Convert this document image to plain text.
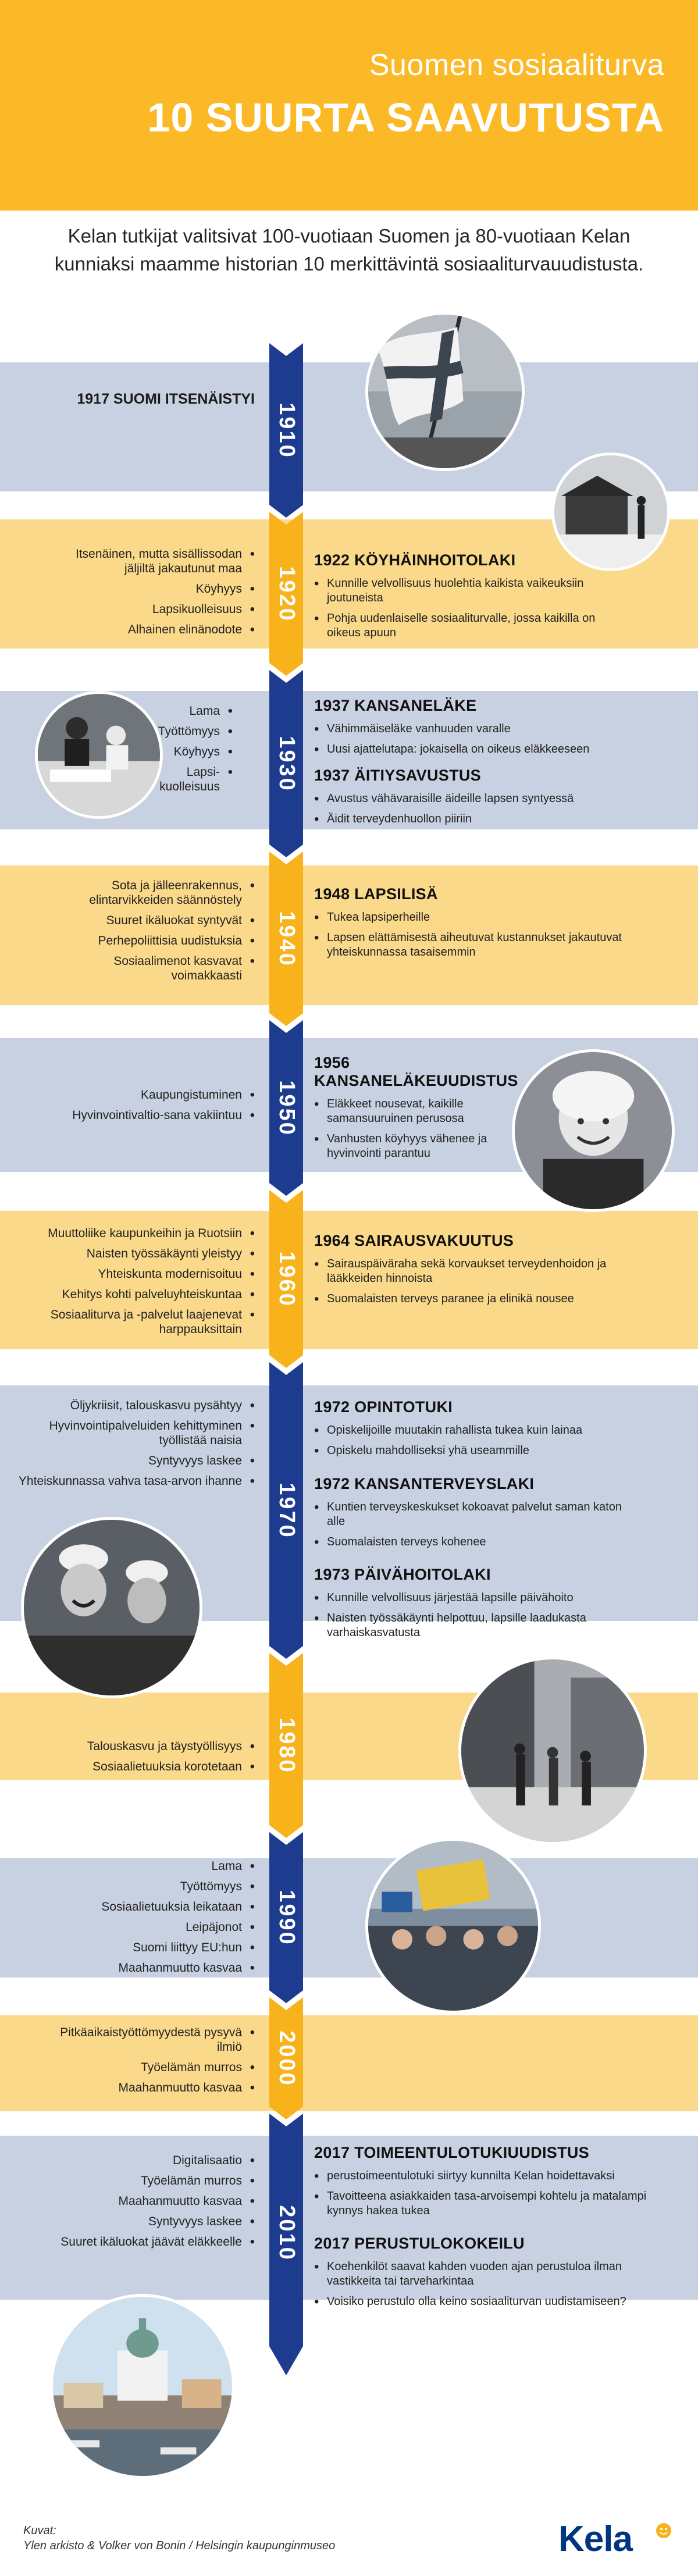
Suomen sosiaaliturva
10 SUURTA SAAVUTUSTA
Kelan tutkijat valitsivat 100-vuotiaan Suomen ja 80-vuotiaan Kelan kunniaksi maamme historian 10 merkittävintä sosiaaliturvauudistusta.
1910
1920
1930
1940
1950
1960
1970
1980
1990
2000
2010
1917 SUOMI ITSENÄISTYI
Itsenäinen, mutta sisällissodan jäljiltä jakautunut maa •
Köyhyys •
Lapsikuolleisuus •
Alhainen elinänodote •
1922 KÖYHÄINHOITOLAKI
• Kunnille velvollisuus huolehtia kaikista vaikeuksiin joutuneista
• Pohja uudenlaiselle sosiaaliturvalle, jossa kaikilla on oikeus apuun
Lama •
Työttömyys •
Köyhyys •
Lapsi-kuolleisuus •
1937 KANSANELÄKE
• Vähimmäiseläke vanhuuden varalle
• Uusi ajattelutapa: jokaisella on oikeus eläkkeeseen
1937 ÄITIYSAVUSTUS
• Avustus vähävaraisille äideille lapsen syntyessä
• Äidit terveydenhuollon piiriin
Sota ja jälleenrakennus, elintarvikkeiden säännöstely •
Suuret ikäluokat syntyvät •
Perhepoliittisia uudistuksia •
Sosiaalimenot kasvavat voimakkaasti •
1948 LAPSILISÄ
• Tukea lapsiperheille
• Lapsen elättämisestä aiheutuvat kustannukset jakautuvat yhteiskunnassa tasaisemmin
Kaupungistuminen •
Hyvinvointivaltio-sana vakiintuu •
1956 KANSANELÄKEUUDISTUS
• Eläkkeet nousevat, kaikille samansuuruinen perusosa
• Vanhusten köyhyys vähenee ja hyvinvointi parantuu
Muuttoliike kaupunkeihin ja Ruotsiin •
Naisten työssäkäynti yleistyy •
Yhteiskunta modernisoituu •
Kehitys kohti palveluyhteiskuntaa •
Sosiaaliturva ja -palvelut laajenevat harppauksittain •
1964 SAIRAUSVAKUUTUS
• Sairauspäiväraha sekä korvaukset terveydenhoidon ja lääkkeiden hinnoista
• Suomalaisten terveys paranee ja elinikä nousee
Öljykriisit, talouskasvu pysähtyy •
Hyvinvointipalveluiden kehittyminen työllistää naisia •
Syntyvyys laskee •
Yhteiskunnassa vahva tasa-arvon ihanne •
1972 OPINTOTUKI
• Opiskelijoille muutakin rahallista tukea kuin lainaa
• Opiskelu mahdolliseksi yhä useammille
1972 KANSANTERVEYSLAKI
• Kuntien terveyskeskukset kokoavat palvelut saman katon alle
• Suomalaisten terveys kohenee
1973 PÄIVÄHOITOLAKI
• Kunnille velvollisuus järjestää lapsille päivähoito
• Naisten työssäkäynti helpottuu, lapsille laadukasta varhaiskasvatusta
Talouskasvu ja täystyöllisyys •
Sosiaalietuuksia korotetaan •
Lama •
Työttömyys •
Sosiaalietuuksia leikataan •
Leipäjonot •
Suomi liittyy EU:hun •
Maahanmuutto kasvaa •
Pitkäaikaistyöttömyydestä pysyvä ilmiö •
Työelämän murros •
Maahanmuutto kasvaa •
Digitalisaatio •
Työelämän murros •
Maahanmuutto kasvaa •
Syntyvyys laskee •
Suuret ikäluokat jäävät eläkkeelle •
2017 TOIMEENTULOTUKIUUDISTUS
• perustoimeentulotuki siirtyy kunnilta Kelan hoidettavaksi
• Tavoitteena asiakkaiden tasa-arvoisempi kohtelu ja matalampi kynnys hakea tukea
2017 PERUSTULOKOKEILU
• Koehenkilöt saavat kahden vuoden ajan perustuloa ilman vastikkeita tai tarveharkintaa
• Voisiko perustulo olla keino sosiaaliturvan uudistamiseen?
Kuvat:
Ylen arkisto & Volker von Bonin / Helsingin kaupunginmuseo	Kela
